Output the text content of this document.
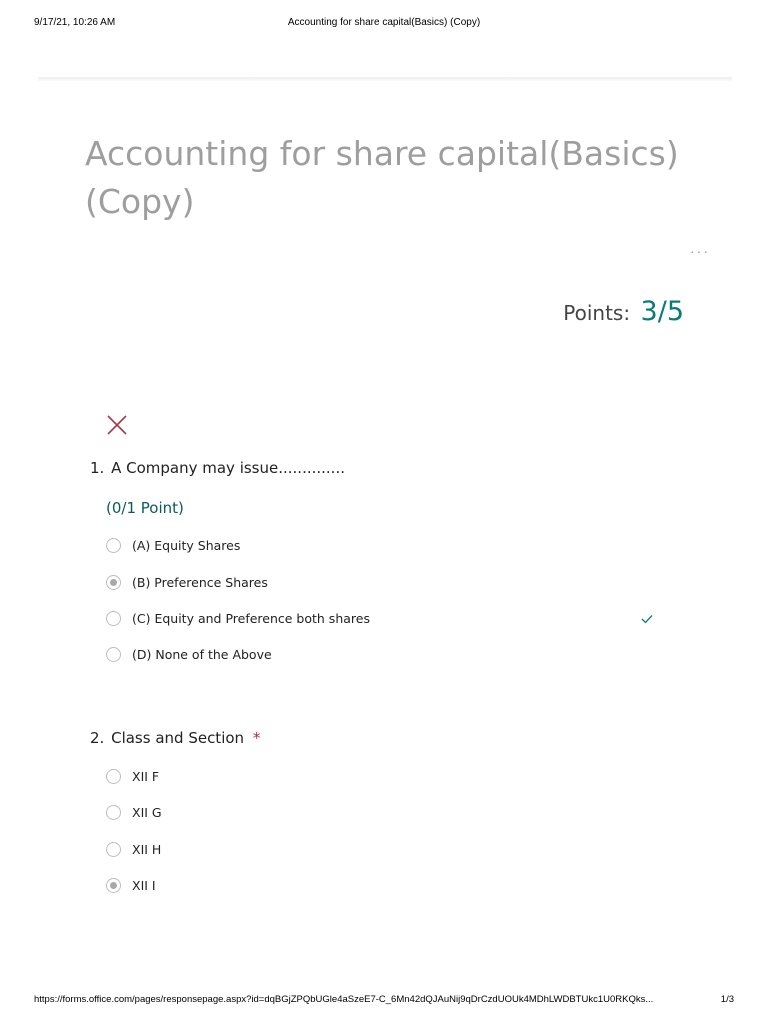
9/17/21, 10:26 AM	Accounting for share capital(Basics) (Copy)
Accounting for share capital(Basics) (Copy)
···
Points: 3/5
1. A Company may issue..............
(0/1 Point)
(A) Equity Shares
(B) Preference Shares
(C) Equity and Preference both shares
(D) None of the Above
2. Class and Section *
XII F
XII G
XII H
XII I
https://forms.office.com/pages/responsepage.aspx?id=dqBGjZPQbUGle4aSzeE7-C_6Mn42dQJAuNij9qDrCzdUOUk4MDhLWDBTUkc1U0RKQks...	1/3
